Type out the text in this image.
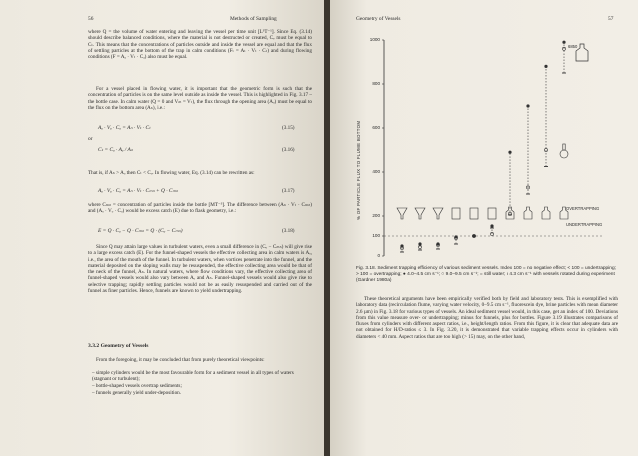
56	Methods of Sampling
where Q = the volume of water entering and leaving the vessel per time unit [L³T⁻¹]. Since Eq. (3.14) should describe balanced conditions, where the material is not destructed or created, Cᵥ must be equal to Cₜ. This means that the concentrations of particles outside and inside the vessel are equal and that the flux of settling particles at the bottom of the trap in calm conditions (Fₜ = Aₜ · Vₜ · Cₜ) and during flowing conditions (F = Aₐ · Vₜ · Cₐ) also must be equal.
For a vessel placed in flowing water, it is important that the geometric form is such that the concentration of particles is on the same level outside as inside the vessel. This is highlighted in Fig. 3.17 – the bottle case. In calm water (Q = 0 and Vₘ = Vₜ), the flux through the opening area (Aₒ) must be equal to the flux on the bottom area (Aₙ), i.e.:
Aₒ · Vₒ · Cₒ = Aₙ · Vₜ · Cₜ	(3.15)
or
Cₜ = Cₒ · Aₒ / Aₙ	(3.16)
That is, if Aₙ > Aₒ then Cₜ < Cₒ. In flowing water, Eq. (3.14) can be rewritten as:
Aₒ · Vₒ · Cₒ = Aₙ · Vₜ · Cₘₙ + Q · Cₘₙ	(3.17)
where Cₘₙ = concentration of particles inside the bottle [MT⁻³]. The difference between (Aₙ · Vₜ · Cₘₙ) and (Aₒ · Vₒ · Cₒ) would be excess catch (E) due to flask geometry, i.e.:
E = Q · Cₒ − Q · Cₘₙ = Q · (Cₒ − Cₘₙ)	(3.18)
Since Q may attain large values in turbulent waters, even a small difference in (Cₒ − Cₘₙ) will give rise to a large excess catch (E). For the funnel-shaped vessels the effective collecting area in calm waters is Aₒ, i.e., the area of the mouth of the funnel. In turbulent waters, when vortices penetrate into the funnel, and the material deposited on the sloping walls may be resuspended, the effective collecting area would be that of the neck of the funnel, Aₙ. In natural waters, where flow conditions vary, the effective collecting area of funnel-shaped vessels would also vary between Aₒ and Aₙ. Funnel-shaped vessels would also give rise to selective trapping; rapidly settling particles would not be as easily resuspended and carried out of the funnel as finer particles. Hence, funnels are known to yield undertrapping.
3.3.2 Geometry of Vessels
From the foregoing, it may be concluded that from purely theoretical viewpoints:
– simple cylinders would be the most favourable form for a sediment vessel in all types of waters (stagnant or turbulent);
– bottle-shaped vessels overtrap sediments;
– funnels generally yield under-deposition.
Geometry of Vessels	57
% OF PARTICLE FLUX TO FLUME BOTTOM
0
100
200
400
600
800
1000
6850
OVERTRAPPING
UNDERTRAPPING
Fig. 3.18. Sediment trapping efficiency of various sediment vessels. Index 100 = no negative effect; < 100 = undertrapping; > 100 = overtrapping; ● 4.0–4.5 cm s⁻¹; ○ 9.0–9.5 cm s⁻¹; = still water; ı 4.3 cm s⁻¹ with vessels rotated during experiment (Gardner 1980a)
These theoretical arguments have been empirically verified both by field and laboratory tests. This is exemplified with laboratory data (recirculation flume, varying water velocity, 0–9.5 cm s⁻¹, fluorescein dye, brine particles with mean diameter 2.6 µm) in Fig. 3.18 for various types of vessels. An ideal sediment vessel would, in this case, get an index of 100. Deviations from this value measure over- or undertrapping; minus for funnels, plus for bottles. Figure 3.19 illustrates comparisons of fluxes from cylinders with different aspect ratios, i.e., height/length ratios. From this figure, it is clear that adequate data are not obtained for H/D-ratios ≤ 3. In Fig. 3.20, it is demonstrated that variable trapping effects occur in cylinders with diameters < 40 mm. Aspect ratios that are too high (> 15) may, on the other hand,
